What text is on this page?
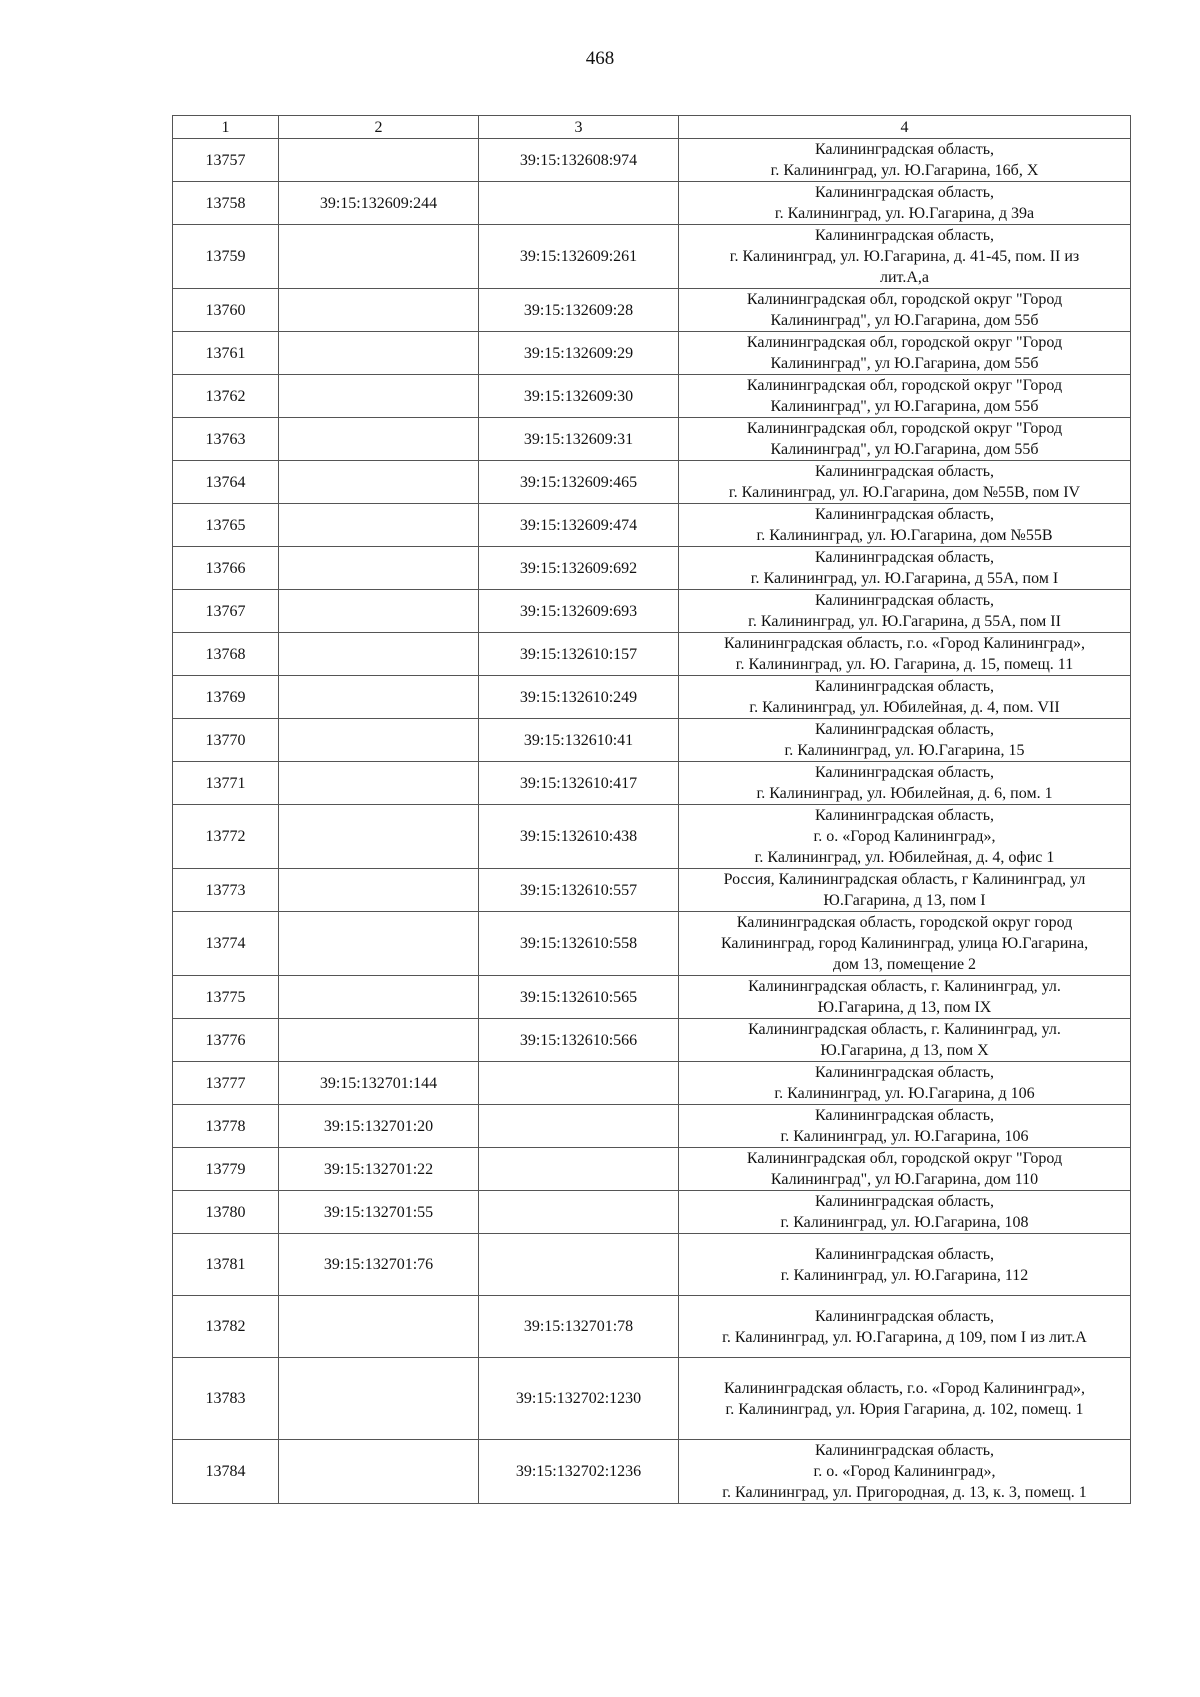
468
1	2	3	4
13757		39:15:132608:974	Калининградская область,
г. Калининград, ул. Ю.Гагарина, 16б, Х

13758	39:15:132609:244		Калининградская область,
г. Калининград, ул. Ю.Гагарина, д 39а

13759		39:15:132609:261	Калининградская область,
г. Калининград, ул. Ю.Гагарина, д. 41-45, пом. II из
лит.А,а

13760		39:15:132609:28	Калининградская обл, городской округ "Город
Калининград", ул Ю.Гагарина, дом 55б

13761		39:15:132609:29	Калининградская обл, городской округ "Город
Калининград", ул Ю.Гагарина, дом 55б

13762		39:15:132609:30	Калининградская обл, городской округ "Город
Калининград", ул Ю.Гагарина, дом 55б

13763		39:15:132609:31	Калининградская обл, городской округ "Город
Калининград", ул Ю.Гагарина, дом 55б

13764		39:15:132609:465	Калининградская область,
г. Калининград, ул. Ю.Гагарина, дом №55В, пом IV

13765		39:15:132609:474	Калининградская область,
г. Калининград, ул. Ю.Гагарина, дом №55В

13766		39:15:132609:692	Калининградская область,
г. Калининград, ул. Ю.Гагарина, д 55А, пом I

13767		39:15:132609:693	Калининградская область,
г. Калининград, ул. Ю.Гагарина, д 55А, пом II

13768		39:15:132610:157	Калининградская область, г.о. «Город Калининград»,
г. Калининград, ул. Ю. Гагарина, д. 15, помещ. 11

13769		39:15:132610:249	Калининградская область,
г. Калининград, ул. Юбилейная, д. 4, пом. VII

13770		39:15:132610:41	Калининградская область,
г. Калининград, ул. Ю.Гагарина, 15

13771		39:15:132610:417	Калининградская область,
г. Калининград, ул. Юбилейная, д. 6, пом. 1

13772		39:15:132610:438	Калининградская область,
г. о. «Город Калининград»,
г. Калининград, ул. Юбилейная, д. 4, офис 1

13773		39:15:132610:557	Россия, Калининградская область, г Калининград, ул
Ю.Гагарина, д 13, пом I

13774		39:15:132610:558	Калининградская область, городской округ город
Калининград, город Калининград, улица Ю.Гагарина,
дом 13, помещение 2

13775		39:15:132610:565	Калининградская область, г. Калининград, ул.
Ю.Гагарина, д 13, пом IX

13776		39:15:132610:566	Калининградская область, г. Калининград, ул.
Ю.Гагарина, д 13, пом X

13777	39:15:132701:144		Калининградская область,
г. Калининград, ул. Ю.Гагарина, д 106

13778	39:15:132701:20		Калининградская область,
г. Калининград, ул. Ю.Гагарина, 106

13779	39:15:132701:22		Калининградская обл, городской округ "Город
Калининград", ул Ю.Гагарина, дом 110

13780	39:15:132701:55		Калининградская область,
г. Калининград, ул. Ю.Гагарина, 108

13781	39:15:132701:76		Калининградская область,
г. Калининград, ул. Ю.Гагарина, 112

13782		39:15:132701:78	Калининградская область,
г. Калининград, ул. Ю.Гагарина, д 109, пом I из лит.А

13783		39:15:132702:1230	Калининградская область, г.о. «Город Калининград»,
г. Калининград, ул. Юрия Гагарина, д. 102, помещ. 1

13784		39:15:132702:1236	Калининградская область,
г. о. «Город Калининград»,
г. Калининград, ул. Пригородная, д. 13, к. 3, помещ. 1
